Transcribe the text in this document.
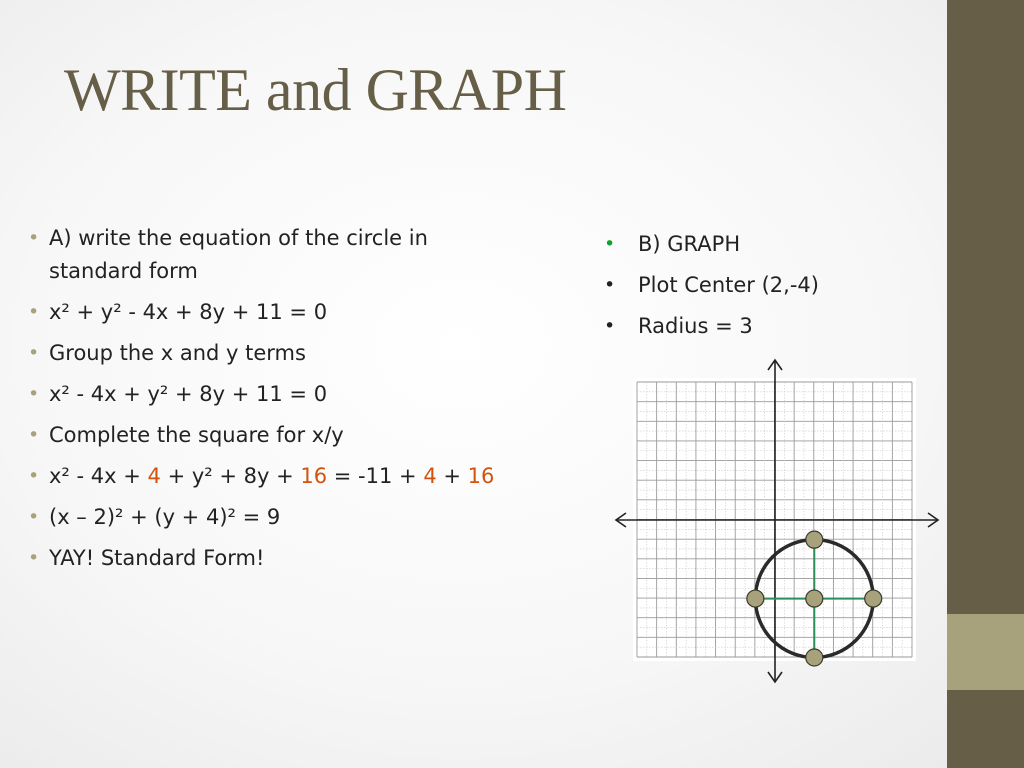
WRITE and GRAPH
• A) write the equation of the circle in standard form
• x² + y² - 4x + 8y + 11 = 0
• Group the x and y terms
• x² - 4x + y² + 8y + 11 = 0
• Complete the square for x/y
• x² - 4x + 4 + y² + 8y + 16 = -11 + 4 + 16
• (x – 2)² + (y + 4)² = 9
• YAY! Standard Form!
• B) GRAPH
• Plot Center (2,-4)
• Radius = 3
